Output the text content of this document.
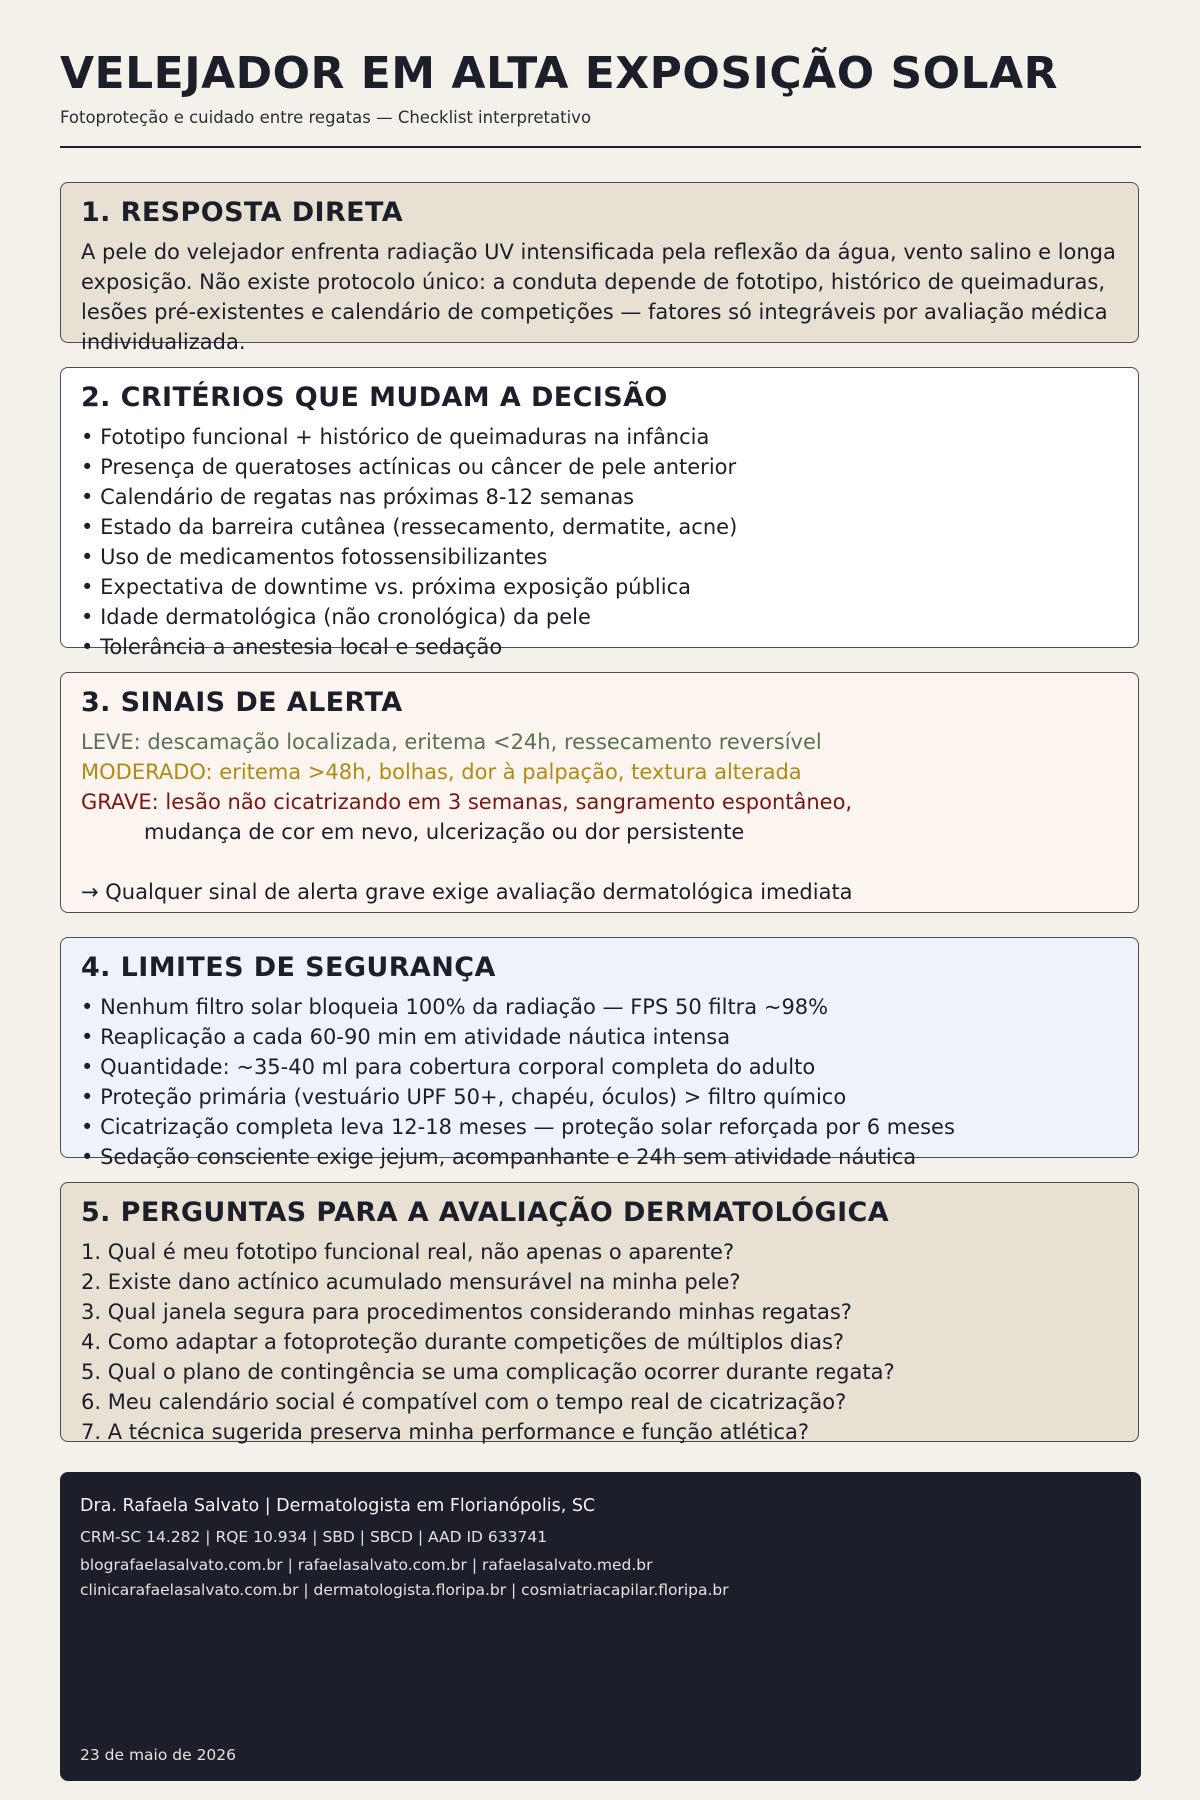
VELEJADOR EM ALTA EXPOSIÇÃO SOLAR
Fotoproteção e cuidado entre regatas — Checklist interpretativo
1. RESPOSTA DIRETA

A pele do velejador enfrenta radiação UV intensificada pela reflexão da água, vento salino e longa exposição. Não existe protocolo único: a conduta depende de fototipo, histórico de queimaduras, lesões pré-existentes e calendário de competições — fatores só integráveis por avaliação médica individualizada.

2. CRITÉRIOS QUE MUDAM A DECISÃO
• Fototipo funcional + histórico de queimaduras na infância
• Presença de queratoses actínicas ou câncer de pele anterior
• Calendário de regatas nas próximas 8-12 semanas
• Estado da barreira cutânea (ressecamento, dermatite, acne)
• Uso de medicamentos fotossensibilizantes
• Expectativa de downtime vs. próxima exposição pública
• Idade dermatológica (não cronológica) da pele
• Tolerância a anestesia local e sedação
3. SINAIS DE ALERTA
LEVE: descamação localizada, eritema <24h, ressecamento reversível
MODERADO: eritema >48h, bolhas, dor à palpação, textura alterada
GRAVE: lesão não cicatrizando em 3 semanas, sangramento espontâneo,
mudança de cor em nevo, ulcerização ou dor persistente
→ Qualquer sinal de alerta grave exige avaliação dermatológica imediata
4. LIMITES DE SEGURANÇA
• Nenhum filtro solar bloqueia 100% da radiação — FPS 50 filtra ~98%
• Reaplicação a cada 60-90 min em atividade náutica intensa
• Quantidade: ~35-40 ml para cobertura corporal completa do adulto
• Proteção primária (vestuário UPF 50+, chapéu, óculos) > filtro químico
• Cicatrização completa leva 12-18 meses — proteção solar reforçada por 6 meses
• Sedação consciente exige jejum, acompanhante e 24h sem atividade náutica
5. PERGUNTAS PARA A AVALIAÇÃO DERMATOLÓGICA
1. Qual é meu fototipo funcional real, não apenas o aparente?
2. Existe dano actínico acumulado mensurável na minha pele?
3. Qual janela segura para procedimentos considerando minhas regatas?
4. Como adaptar a fotoproteção durante competições de múltiplos dias?
5. Qual o plano de contingência se uma complicação ocorrer durante regata?
6. Meu calendário social é compatível com o tempo real de cicatrização?
7. A técnica sugerida preserva minha performance e função atlética?
Dra. Rafaela Salvato | Dermatologista em Florianópolis, SC
CRM-SC 14.282 | RQE 10.934 | SBD | SBCD | AAD ID 633741
blografaelasalvato.com.br | rafaelasalvato.com.br | rafaelasalvato.med.br
clinicarafaelasalvato.com.br | dermatologista.floripa.br | cosmiatriacapilar.floripa.br
23 de maio de 2026
